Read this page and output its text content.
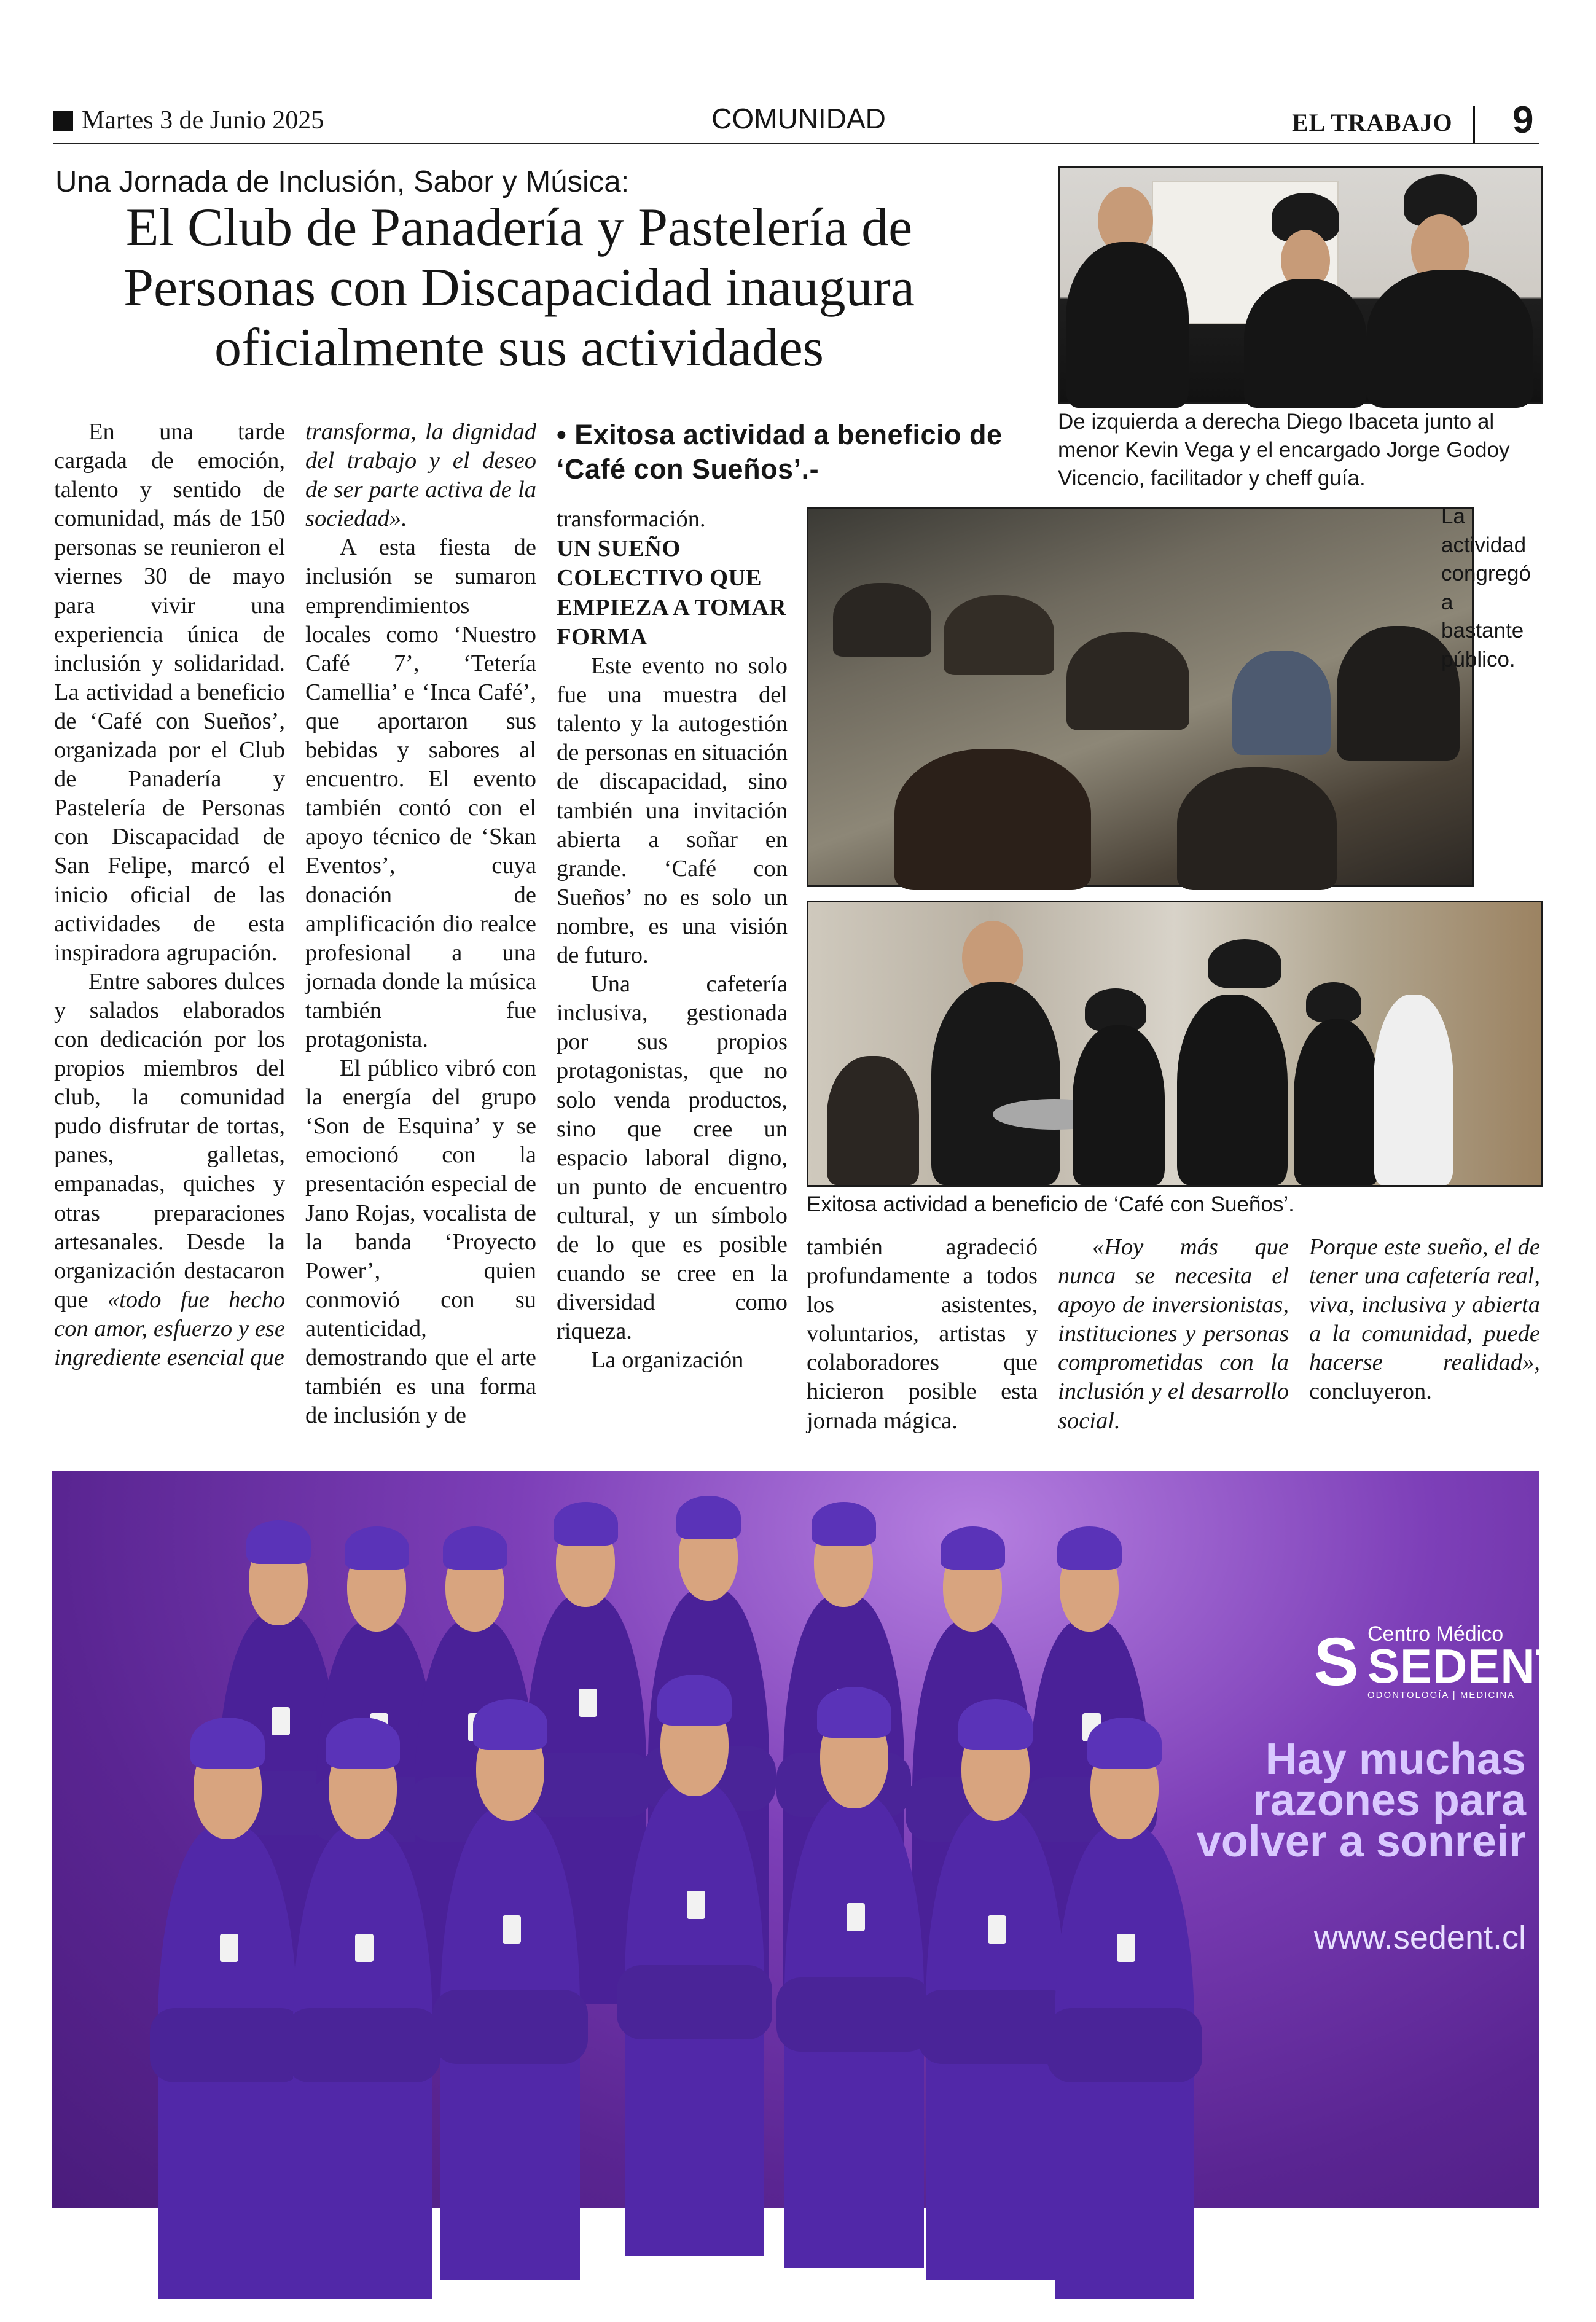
Martes 3 de Junio 2025	COMUNIDAD	EL TRABAJO 9
Una Jornada de Inclusión, Sabor y Música:
El Club de Panadería y Pastelería de Personas con Discapacidad inaugura oficialmente sus actividades
• Exitosa actividad a beneficio de ‘Café con Sueños’.-

En una tarde cargada de emoción, talento y sentido de comunidad, más de 150 personas se reunieron el viernes 30 de mayo para vivir una experiencia única de inclusión y solidaridad. La actividad a beneficio de ‘Café con Sueños’, organizada por el Club de Panadería y Pastelería de Personas con Discapacidad de San Felipe, marcó el inicio oficial de las actividades de esta inspiradora agrupación.

Entre sabores dulces y salados elaborados con dedicación por los propios miembros del club, la comunidad pudo disfrutar de tortas, panes, galletas, empanadas, quiches y otras preparaciones artesanales. Desde la organización destacaron que «todo fue hecho con amor, esfuerzo y ese ingrediente esencial que

transforma, la dignidad del trabajo y el deseo de ser parte activa de la sociedad».

A esta fiesta de inclusión se sumaron emprendimientos locales como ‘Nuestro Café 7’, ‘Tetería Camellia’ e ‘Inca Café’, que aportaron sus bebidas y sabores al encuentro. El evento también contó con el apoyo técnico de ‘Skan Eventos’, cuya donación de amplificación dio realce profesional a una jornada donde la música también fue protagonista.

El público vibró con la energía del grupo ‘Son de Esquina’ y se emocionó con la presentación especial de Jano Rojas, vocalista de la banda ‘Proyecto Power’, quien conmovió con su autenticidad, demostrando que el arte también es una forma de inclusión y de

transformación.

UN SUEÑO COLECTIVO QUE EMPIEZA A TOMAR FORMA

Este evento no solo fue una muestra del talento y la autogestión de personas en situación de discapacidad, sino también una invitación abierta a soñar en grande. ‘Café con Sueños’ no es solo un nombre, es una visión de futuro.

Una cafetería inclusiva, gestionada por sus propios protagonistas, que no solo venda productos, sino que cree un espacio laboral digno, un punto de encuentro cultural, y un símbolo de lo que es posible cuando se cree en la diversidad como riqueza.

La organización

también agradeció profundamente a todos los asistentes, voluntarios, artistas y colaboradores que hicieron posible esta jornada mágica.

«Hoy más que nunca se necesita el apoyo de inversionistas, instituciones y personas comprometidas con la inclusión y el desarrollo social.

Porque este sueño, el de tener una cafetería real, viva, inclusiva y abierta a la comunidad, puede hacerse realidad», concluyeron.

De izquierda a derecha Diego Ibaceta junto al menor Kevin Vega y el encargado Jorge Godoy Vicencio, facilitador y cheff guía.
La actividad congregó a bastante público.
Exitosa actividad a beneficio de ‘Café con Sueños’.
S Centro Médico
SEDENT
ODONTOLOGÍA | MEDICINA
Hay muchas razones para volver a sonreir
www.sedent.cl
